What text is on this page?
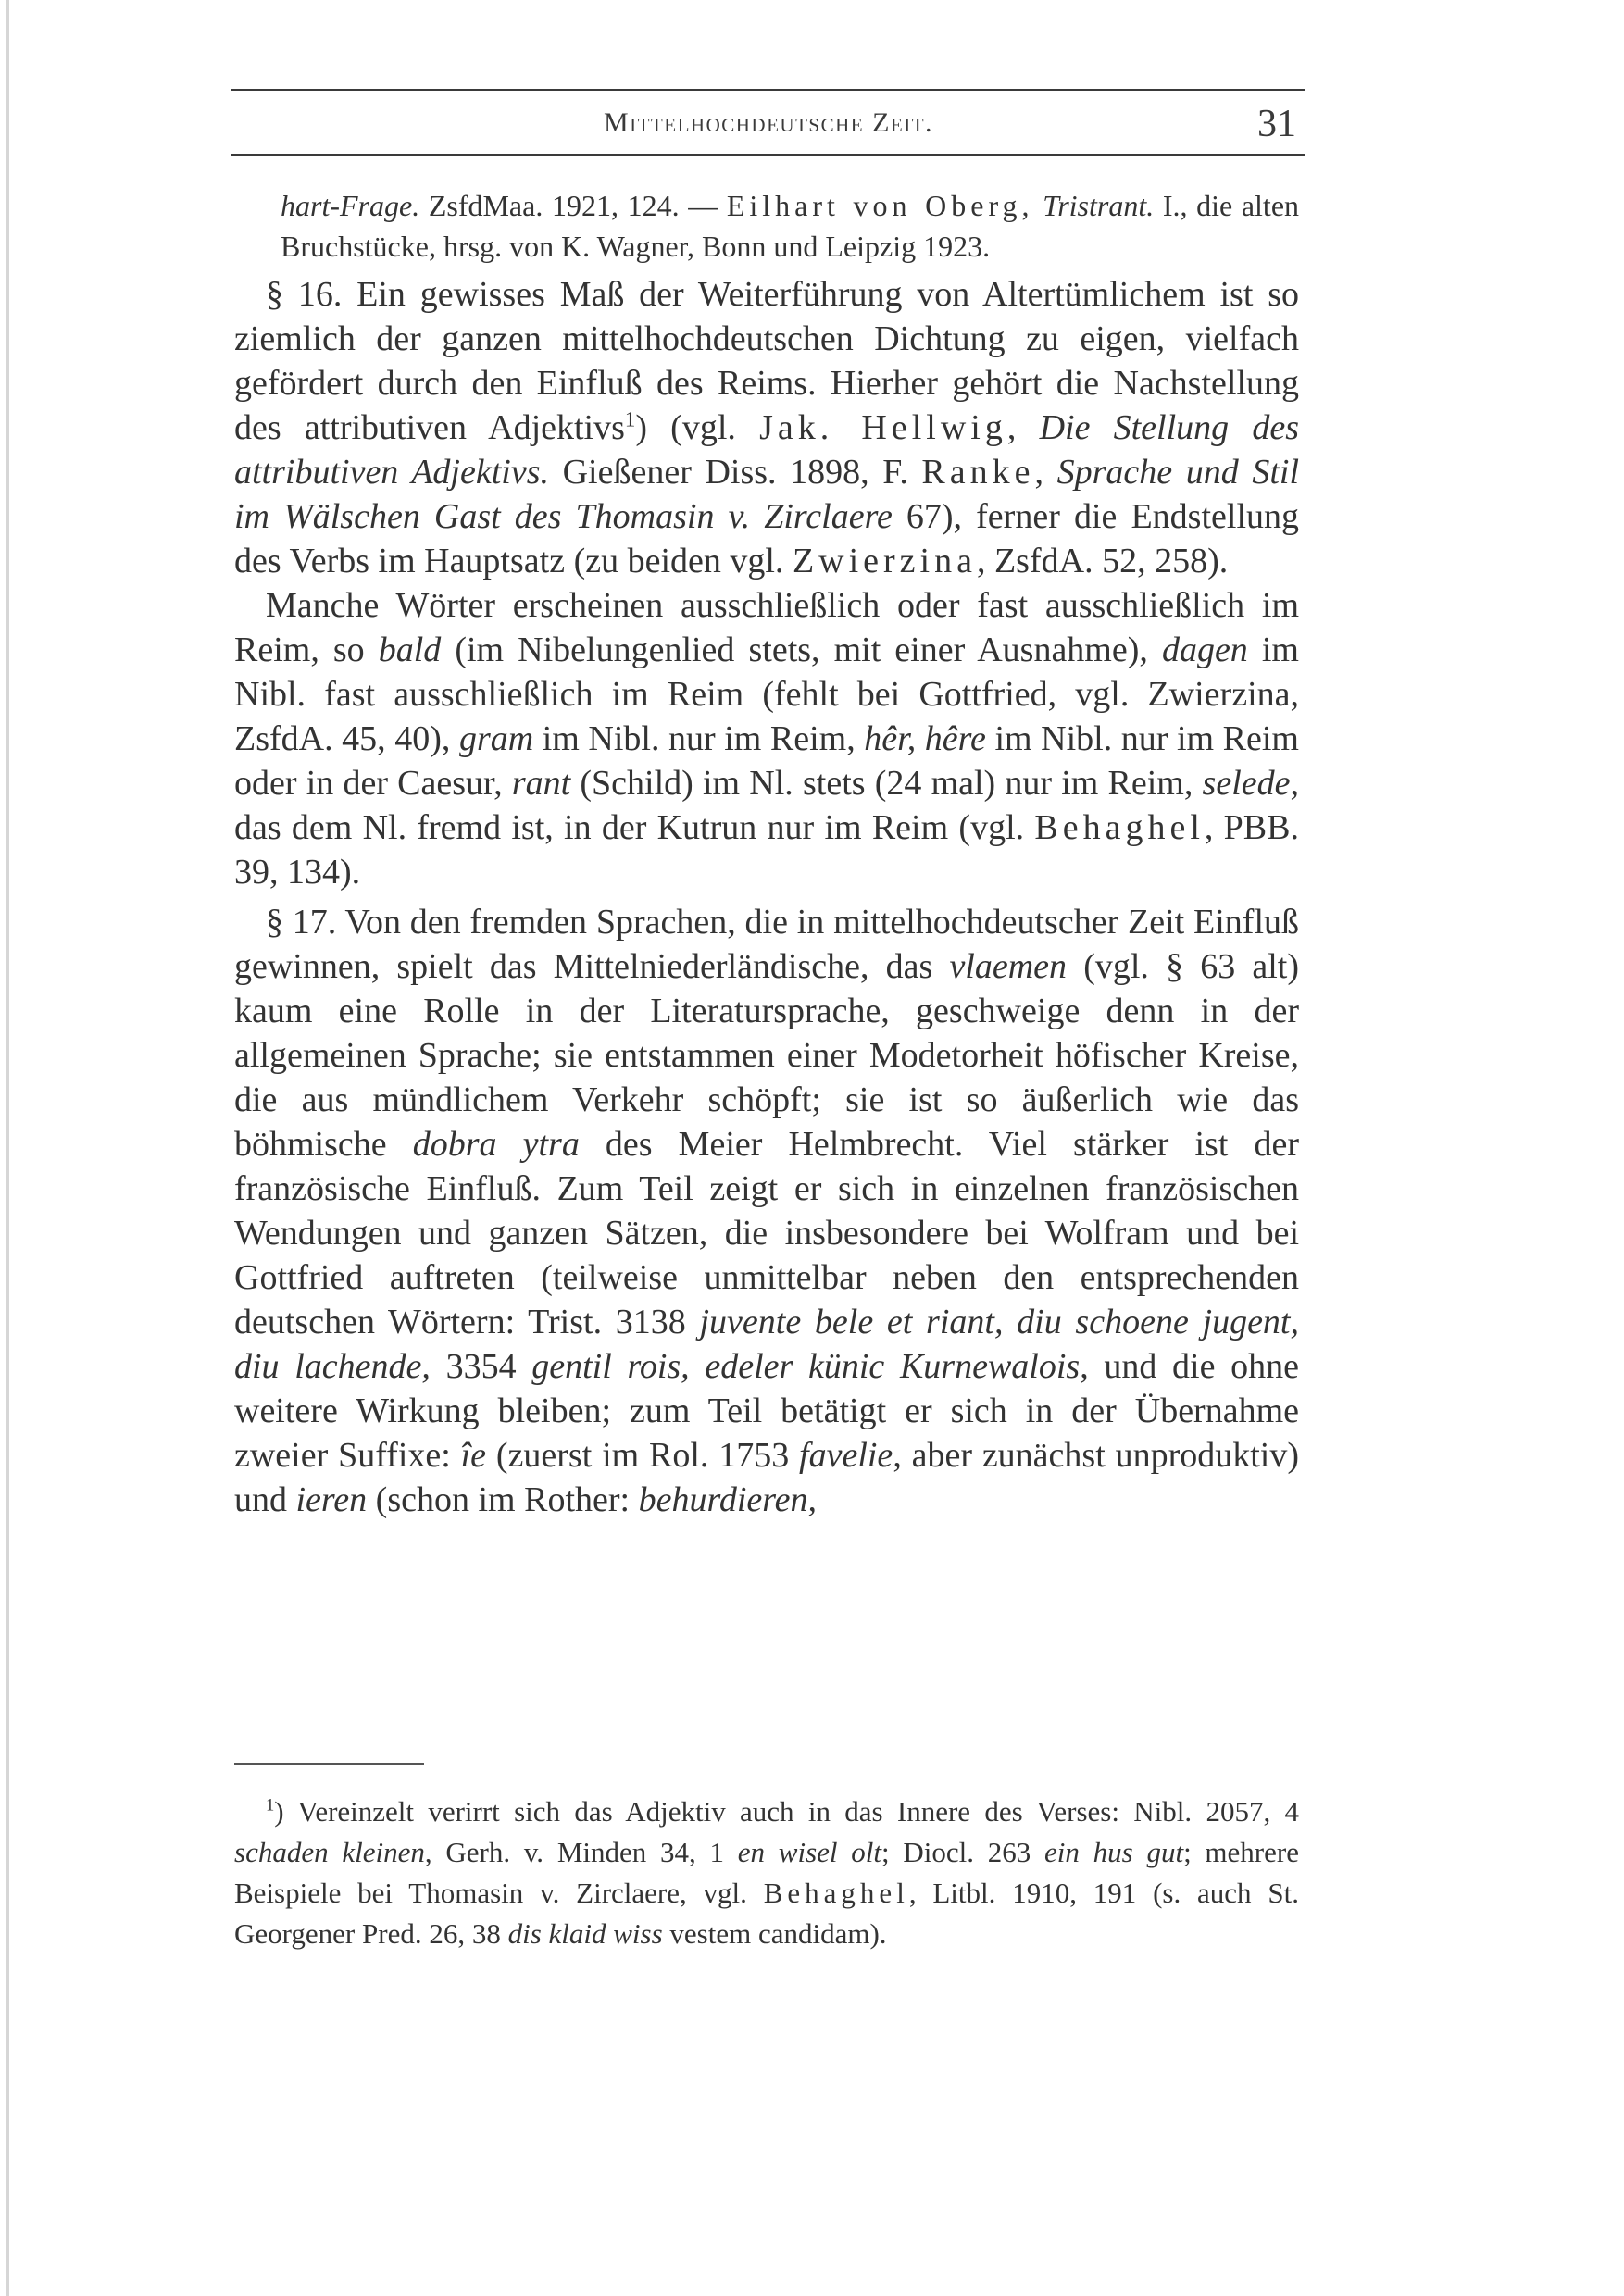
Mittelhochdeutsche Zeit.	31

hart-Frage. ZsfdMaa. 1921, 124. — Eilhart von Oberg, Tristrant. I., die alten Bruchstücke, hrsg. von K. Wagner, Bonn und Leipzig 1923.

§ 16. Ein gewisses Maß der Weiterführung von Altertümlichem ist so ziemlich der ganzen mittelhochdeutschen Dichtung zu eigen, vielfach gefördert durch den Einfluß des Reims. Hierher gehört die Nachstellung des attributiven Adjektivs$^1$) (vgl. Jak. Hellwig, Die Stellung des attributiven Adjektivs. Gießener Diss. 1898, F. Ranke, Sprache und Stil im Wälschen Gast des Thomasin v. Zirclaere 67), ferner die Endstellung des Verbs im Hauptsatz (zu beiden vgl. Zwierzina, ZsfdA. 52, 258).

Manche Wörter erscheinen ausschließlich oder fast ausschließlich im Reim, so bald (im Nibelungenlied stets, mit einer Ausnahme), dagen im Nibl. fast ausschließlich im Reim (fehlt bei Gottfried, vgl. Zwierzina, ZsfdA. 45, 40), gram im Nibl. nur im Reim, hêr, hêre im Nibl. nur im Reim oder in der Caesur, rant (Schild) im Nl. stets (24 mal) nur im Reim, selede, das dem Nl. fremd ist, in der Kutrun nur im Reim (vgl. Behaghel, PBB. 39, 134).

§ 17. Von den fremden Sprachen, die in mittelhochdeutscher Zeit Einfluß gewinnen, spielt das Mittelniederländische, das vlaemen (vgl. § 63 alt) kaum eine Rolle in der Literatursprache, geschweige denn in der allgemeinen Sprache; sie entstammen einer Modetorheit höfischer Kreise, die aus mündlichem Verkehr schöpft; sie ist so äußerlich wie das böhmische dobra ytra des Meier Helmbrecht. Viel stärker ist der französische Einfluß. Zum Teil zeigt er sich in einzelnen französischen Wendungen und ganzen Sätzen, die insbesondere bei Wolfram und bei Gottfried auftreten (teilweise unmittelbar neben den entsprechenden deutschen Wörtern: Trist. 3138 juvente bele et riant, diu schoene jugent, diu lachende, 3354 gentil rois, edeler künic Kurnewalois, und die ohne weitere Wirkung bleiben; zum Teil betätigt er sich in der Übernahme zweier Suffixe: îe (zuerst im Rol. 1753 favelie, aber zunächst unproduktiv) und ieren (schon im Rother: behurdieren,

$^1$) Vereinzelt verirrt sich das Adjektiv auch in das Innere des Verses: Nibl. 2057, 4 schaden kleinen, Gerh. v. Minden 34, 1 en wisel olt; Diocl. 263 ein hus gut; mehrere Beispiele bei Thomasin v. Zirclaere, vgl. Behaghel, Litbl. 1910, 191 (s. auch St. Georgener Pred. 26, 38 dis klaid wiss vestem candidam).
